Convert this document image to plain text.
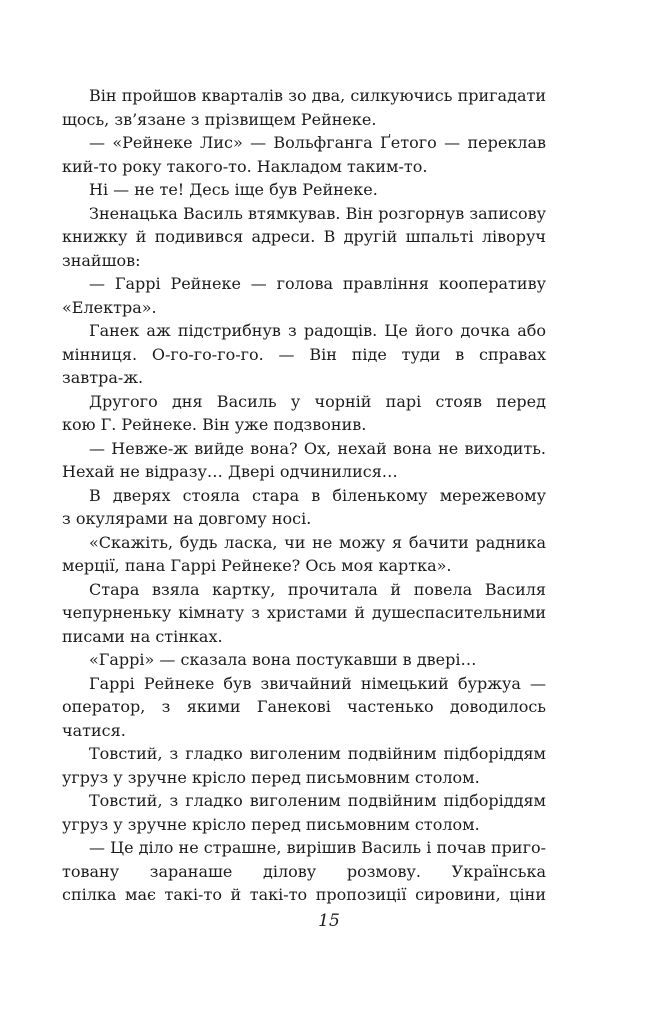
Він пройшов кварталів зо два, силкуючись пригадати
щось, зв’язане з прізвищем Рейнеке.
— «Рейнеке Лис» — Вольфганга Ґетого — переклав
кий-то року такого-то. Накладом таким-то.
Ні — не те! Десь іще був Рейнеке.
Зненацька Василь втямкував. Він розгорнув записову
книжку й подивився адреси. В другій шпальті ліворуч
знайшов:
— Гаррі Рейнеке — голова правління кооперативу
«Електра».
Ганек аж підстрибнув з радощів. Це його дочка або
мінниця. О-го-го-го-го. — Він піде туди в справах
завтра-ж.
Другого дня Василь у чорній парі стояв перед
кою Г. Рейнеке. Він уже подзвонив.
— Невже-ж вийде вона? Ох, нехай вона не виходить.
Нехай не відразу… Двері одчинилися…
В дверях стояла стара в біленькому мережевому
з окулярами на довгому носі.
«Скажіть, будь ласка, чи не можу я бачити радника
мерції, пана Гаррі Рейнеке? Ось моя картка».
Стара взяла картку, прочитала й повела Василя
чепурненьку кімнату з христами й душеспасительними
писами на стінках.
«Гаррі» — сказала вона постукавши в двері…
Гаррі Рейнеке був звичайний німецький буржуа —
оператор, з якими Ганекові частенько доводилось
чатися.
Товстий, з гладко виголеним подвійним підборіддям
угруз у зручне крісло перед письмовним столом.
Товстий, з гладко виголеним подвійним підборіддям
угруз у зручне крісло перед письмовним столом.
— Це діло не страшне, вирішив Василь і почав приго-
товану заранаше ділову розмову. Українська
спілка має такі-то й такі-то пропозиції сировини, ціни
15
